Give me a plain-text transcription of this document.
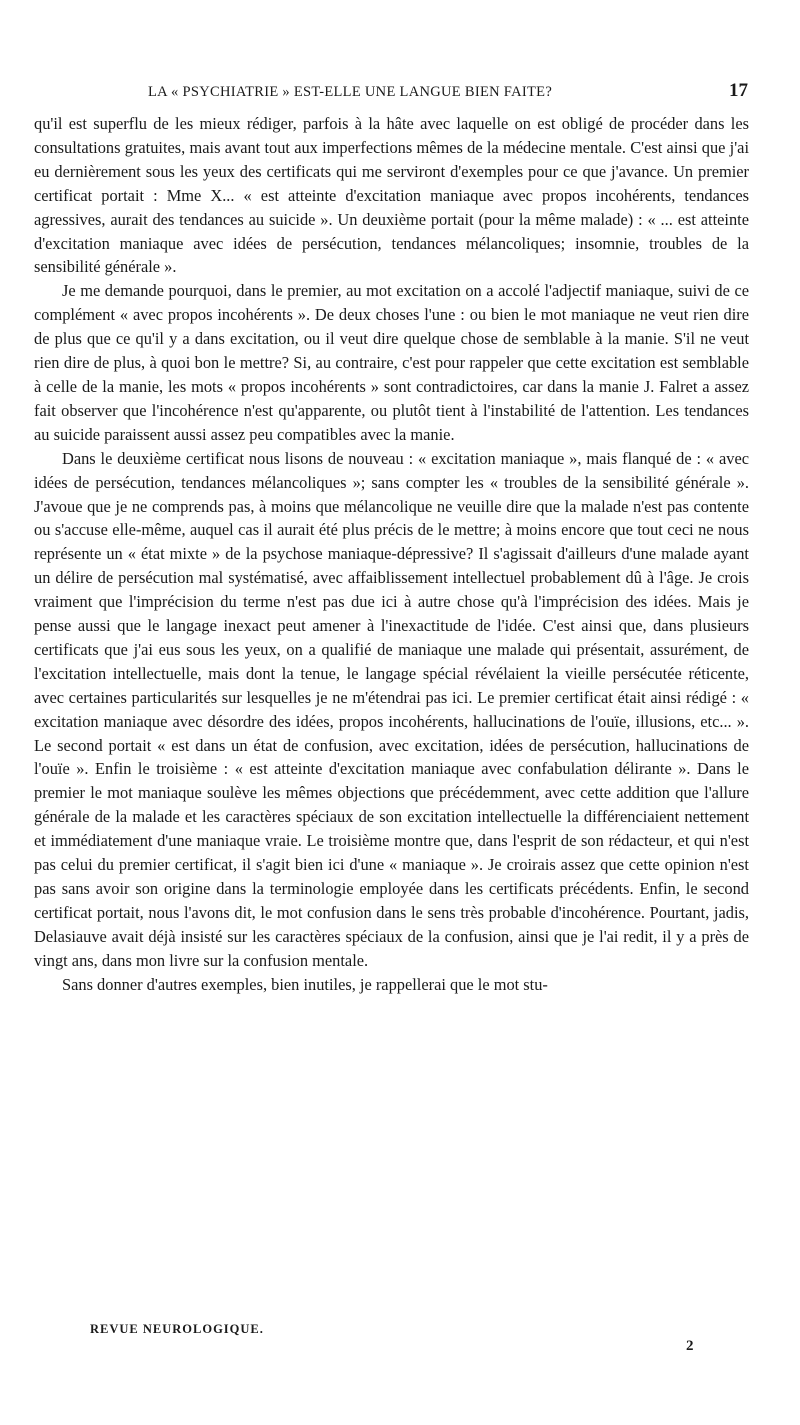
LA « PSYCHIATRIE » EST-ELLE UNE LANGUE BIEN FAITE?	17

qu'il est superflu de les mieux rédiger, parfois à la hâte avec laquelle on est obligé de procéder dans les consultations gratuites, mais avant tout aux imperfections mêmes de la médecine mentale. C'est ainsi que j'ai eu dernièrement sous les yeux des certificats qui me serviront d'exemples pour ce que j'avance. Un premier certificat portait : Mme X... « est atteinte d'excitation maniaque avec propos incohérents, tendances agressives, aurait des tendances au suicide ». Un deuxième portait (pour la même malade) : « ... est atteinte d'excitation maniaque avec idées de persécution, tendances mélancoliques; insomnie, troubles de la sensibilité générale ».

Je me demande pourquoi, dans le premier, au mot excitation on a accolé l'adjectif maniaque, suivi de ce complément « avec propos incohérents ». De deux choses l'une : ou bien le mot maniaque ne veut rien dire de plus que ce qu'il y a dans excitation, ou il veut dire quelque chose de semblable à la manie. S'il ne veut rien dire de plus, à quoi bon le mettre? Si, au contraire, c'est pour rappeler que cette excitation est semblable à celle de la manie, les mots « propos incohérents » sont contradictoires, car dans la manie J. Falret a assez fait observer que l'incohérence n'est qu'apparente, ou plutôt tient à l'instabilité de l'attention. Les tendances au suicide paraissent aussi assez peu compatibles avec la manie.

Dans le deuxième certificat nous lisons de nouveau : « excitation maniaque », mais flanqué de : « avec idées de persécution, tendances mélancoliques »; sans compter les « troubles de la sensibilité générale ». J'avoue que je ne comprends pas, à moins que mélancolique ne veuille dire que la malade n'est pas contente ou s'accuse elle-même, auquel cas il aurait été plus précis de le mettre; à moins encore que tout ceci ne nous représente un « état mixte » de la psychose maniaque-dépressive? Il s'agissait d'ailleurs d'une malade ayant un délire de persécution mal systématisé, avec affaiblissement intellectuel probablement dû à l'âge. Je crois vraiment que l'imprécision du terme n'est pas due ici à autre chose qu'à l'imprécision des idées. Mais je pense aussi que le langage inexact peut amener à l'inexactitude de l'idée. C'est ainsi que, dans plusieurs certificats que j'ai eus sous les yeux, on a qualifié de maniaque une malade qui présentait, assurément, de l'excitation intellectuelle, mais dont la tenue, le langage spécial révélaient la vieille persécutée réticente, avec certaines particularités sur lesquelles je ne m'étendrai pas ici. Le premier certificat était ainsi rédigé : « excitation maniaque avec désordre des idées, propos incohérents, hallucinations de l'ouïe, illusions, etc... ». Le second portait « est dans un état de confusion, avec excitation, idées de persécution, hallucinations de l'ouïe ». Enfin le troisième : « est atteinte d'excitation maniaque avec confabulation délirante ». Dans le premier le mot maniaque soulève les mêmes objections que précédemment, avec cette addition que l'allure générale de la malade et les caractères spéciaux de son excitation intellectuelle la différenciaient nettement et immédiatement d'une maniaque vraie. Le troisième montre que, dans l'esprit de son rédacteur, et qui n'est pas celui du premier certificat, il s'agit bien ici d'une « maniaque ». Je croirais assez que cette opinion n'est pas sans avoir son origine dans la terminologie employée dans les certificats précédents. Enfin, le second certificat portait, nous l'avons dit, le mot confusion dans le sens très probable d'incohérence. Pourtant, jadis, Delasiauve avait déjà insisté sur les caractères spéciaux de la confusion, ainsi que je l'ai redit, il y a près de vingt ans, dans mon livre sur la confusion mentale.

Sans donner d'autres exemples, bien inutiles, je rappellerai que le mot stu-

REVUE NEUROLOGIQUE.
2
